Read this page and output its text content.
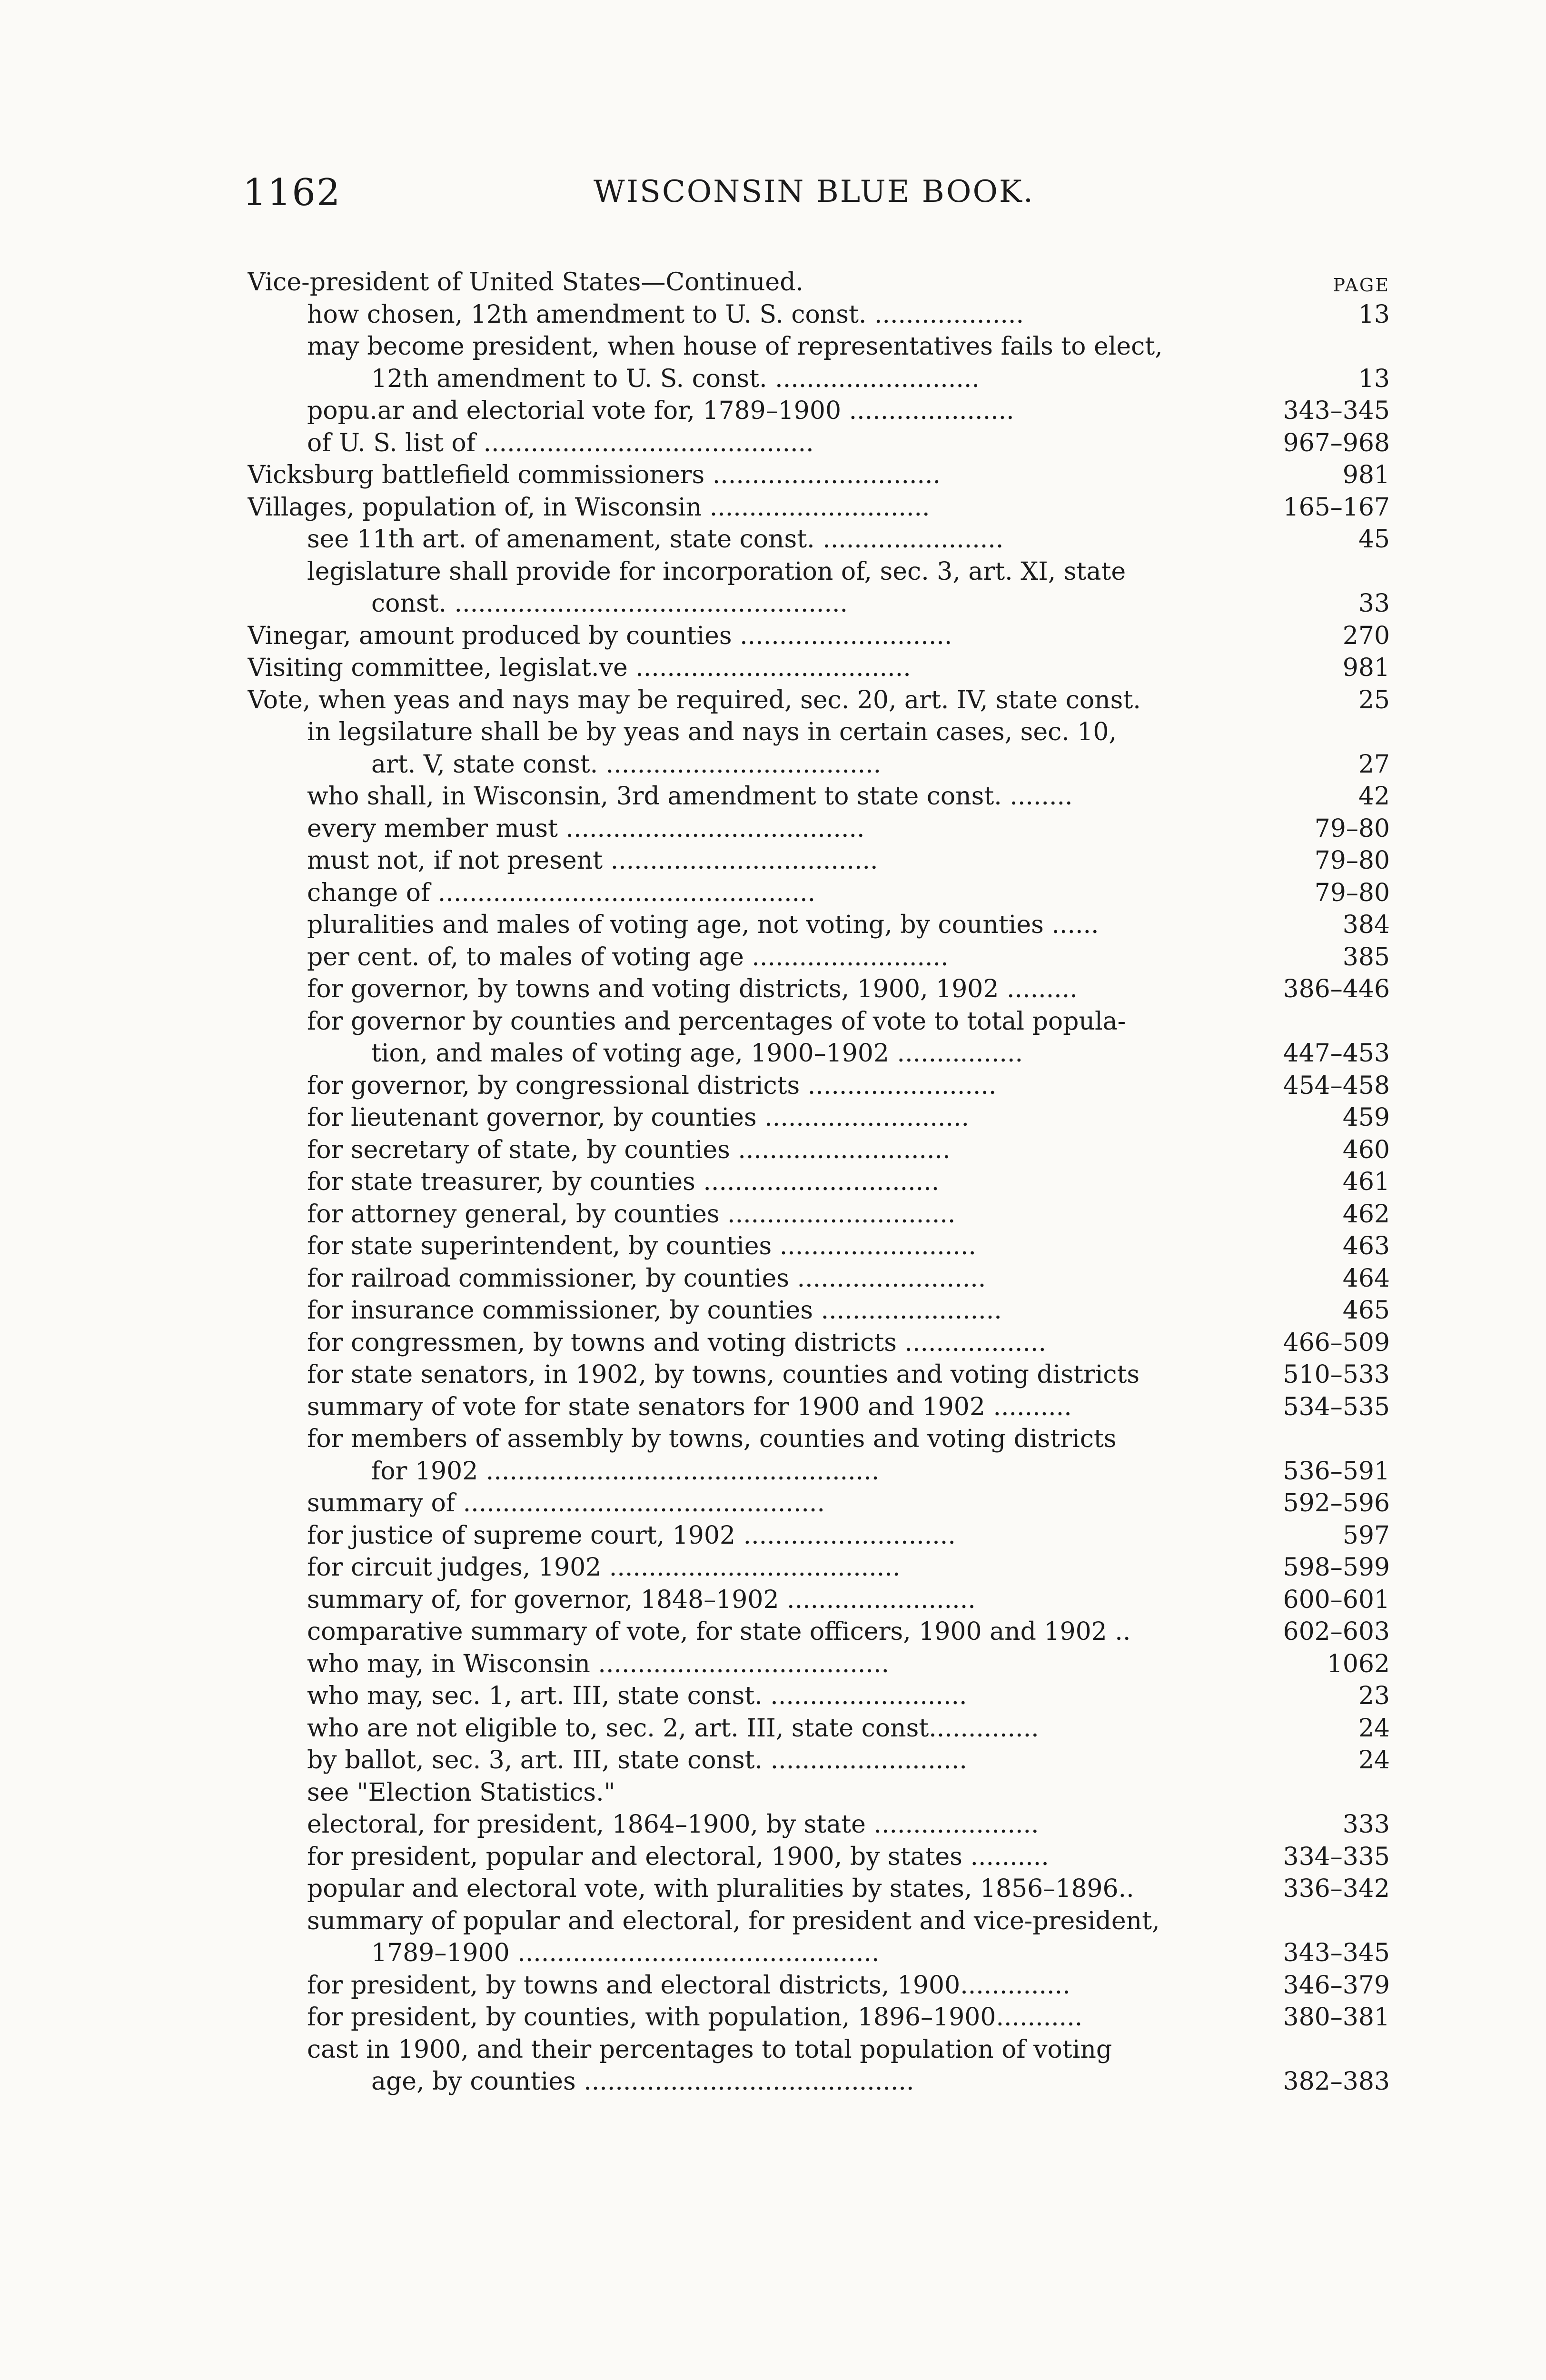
1162	WISCONSIN BLUE BOOK.
Vice-president of United States—Continued.	PAGE
how chosen, 12th amendment to U. S. const. ...................	13
may become president, when house of representatives fails to elect,
12th amendment to U. S. const. ..........................	13
popu.ar and electorial vote for, 1789–1900 .....................	343–345
of U. S. list of ..........................................	967–968
Vicksburg battlefield commissioners .............................	981
Villages, population of, in Wisconsin ............................	165–167
see 11th art. of amenament, state const. .......................	45
legislature shall provide for incorporation of, sec. 3, art. XI, state
const. ..................................................	33
Vinegar, amount produced by counties ...........................	270
Visiting committee, legislat.ve ...................................	981
Vote, when yeas and nays may be required, sec. 20, art. IV, state const.	25
in legsilature shall be by yeas and nays in certain cases, sec. 10,
art. V, state const. ...................................	27
who shall, in Wisconsin, 3rd amendment to state const. ........	42
every member must ......................................	79–80
must not, if not present ..................................	79–80
change of ................................................	79–80
pluralities and males of voting age, not voting, by counties ......	384
per cent. of, to males of voting age .........................	385
for governor, by towns and voting districts, 1900, 1902 .........	386–446
for governor by counties and percentages of vote to total popula-
tion, and males of voting age, 1900–1902 ................	447–453
for governor, by congressional districts ........................	454–458
for lieutenant governor, by counties ..........................	459
for secretary of state, by counties ...........................	460
for state treasurer, by counties ..............................	461
for attorney general, by counties .............................	462
for state superintendent, by counties .........................	463
for railroad commissioner, by counties ........................	464
for insurance commissioner, by counties .......................	465
for congressmen, by towns and voting districts ..................	466–509
for state senators, in 1902, by towns, counties and voting districts	510–533
summary of vote for state senators for 1900 and 1902 ..........	534–535
for members of assembly by towns, counties and voting districts
for 1902 ..................................................	536–591
summary of ..............................................	592–596
for justice of supreme court, 1902 ...........................	597
for circuit judges, 1902 .....................................	598–599
summary of, for governor, 1848–1902 ........................	600–601
comparative summary of vote, for state officers, 1900 and 1902 ..	602–603
who may, in Wisconsin .....................................	1062
who may, sec. 1, art. III, state const. .........................	23
who are not eligible to, sec. 2, art. III, state const..............	24
by ballot, sec. 3, art. III, state const. .........................	24
see "Election Statistics."
electoral, for president, 1864–1900, by state .....................	333
for president, popular and electoral, 1900, by states ..........	334–335
popular and electoral vote, with pluralities by states, 1856–1896..	336–342
summary of popular and electoral, for president and vice-president,
1789–1900 ..............................................	343–345
for president, by towns and electoral districts, 1900..............	346–379
for president, by counties, with population, 1896–1900...........	380–381
cast in 1900, and their percentages to total population of voting
age, by counties ..........................................	382–383
